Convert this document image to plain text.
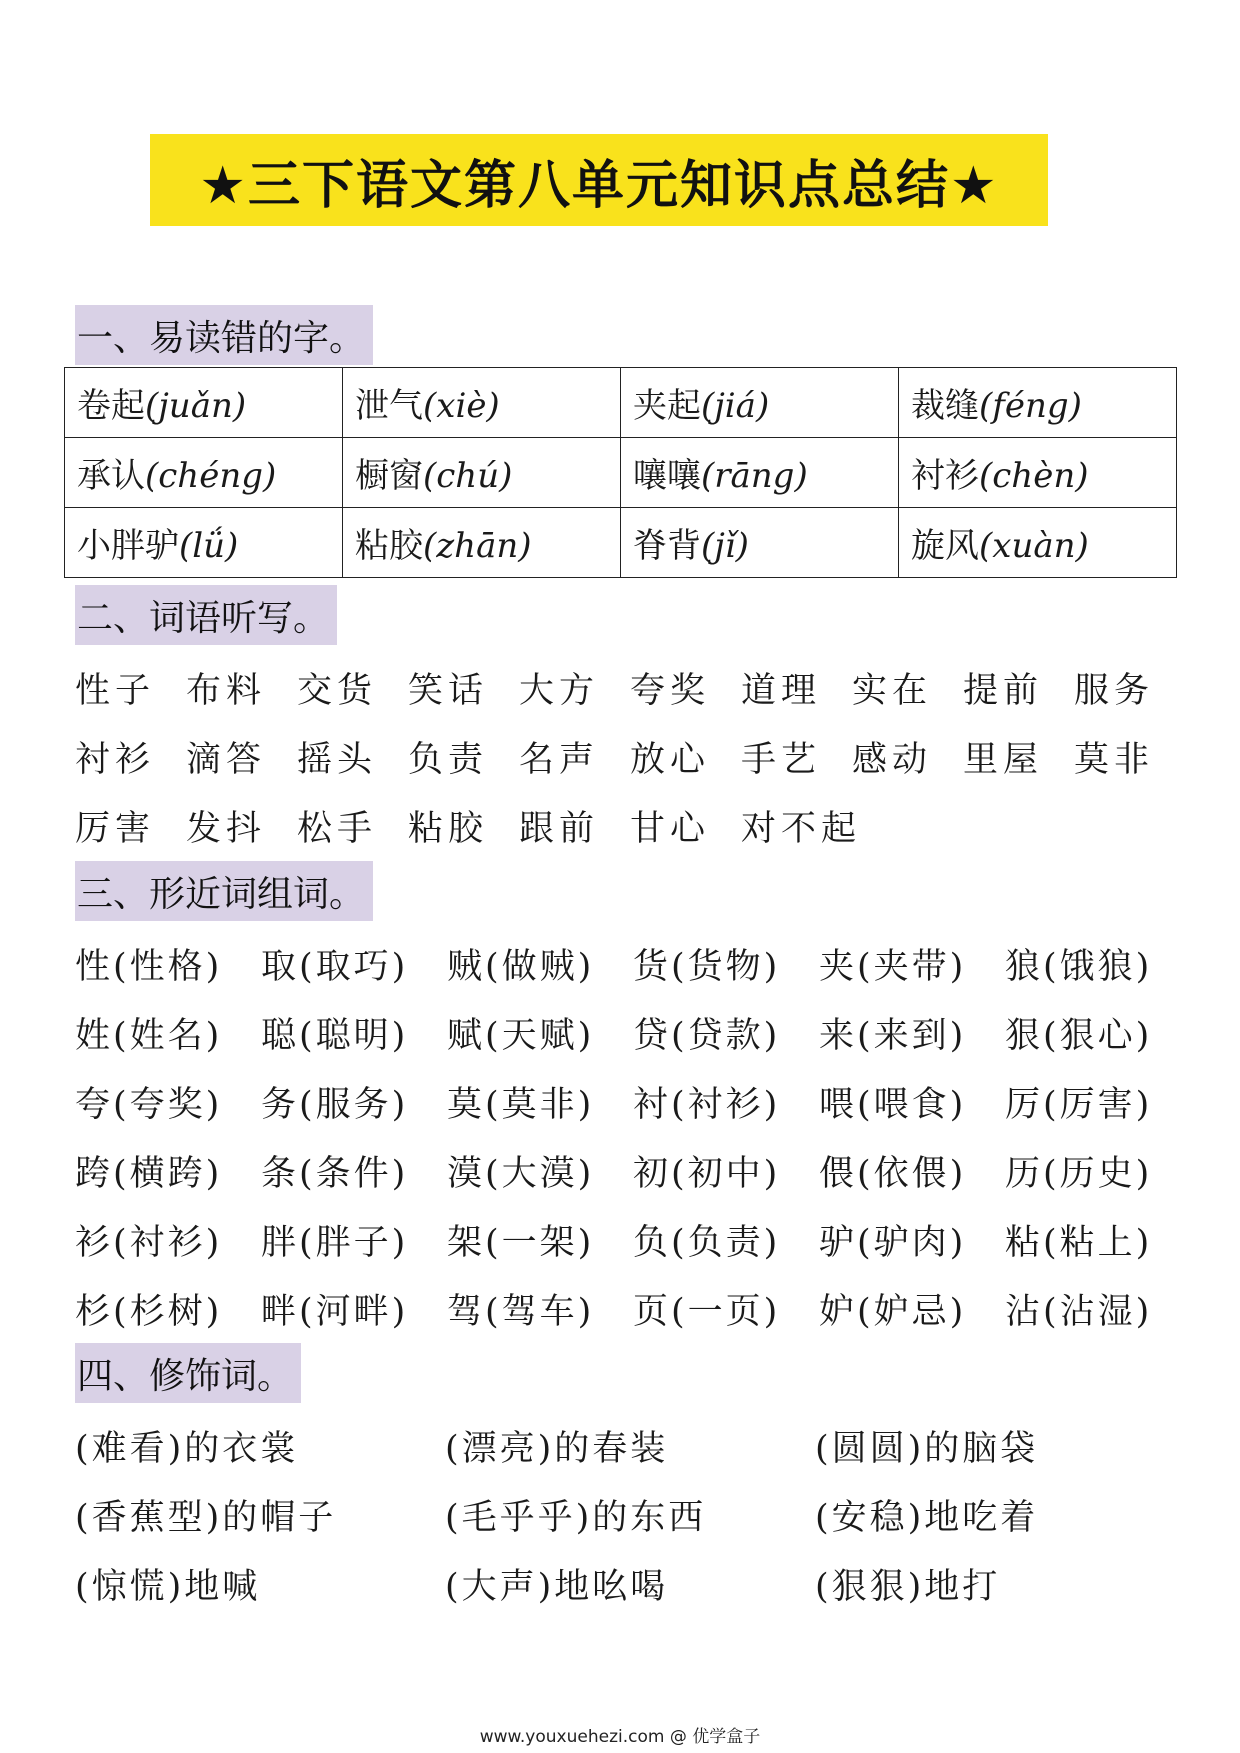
★三下语文第八单元知识点总结★
一、易读错的字。
卷起(juǎn)	泄气(xiè)	夹起(jiá)	裁缝(féng)
承认(chéng)	橱窗(chú)	嚷嚷(rāng)	衬衫(chèn)
小胖驴(lǘ)	粘胶(zhān)	脊背(jǐ)	旋风(xuàn)
二、词语听写。
性子 布料 交货 笑话 大方 夸奖 道理 实在 提前 服务
衬衫 滴答 摇头 负责 名声 放心 手艺 感动 里屋 莫非
厉害 发抖 松手 粘胶 跟前 甘心 对不起
三、形近词组词。
性(性格)	取(取巧)	贼(做贼)	货(货物)	夹(夹带)	狼(饿狼)
姓(姓名)	聪(聪明)	赋(天赋)	贷(贷款)	来(来到)	狠(狠心)
夸(夸奖)	务(服务)	莫(莫非)	衬(衬衫)	喂(喂食)	厉(厉害)
跨(横跨)	条(条件)	漠(大漠)	初(初中)	偎(依偎)	历(历史)
衫(衬衫)	胖(胖子)	架(一架)	负(负责)	驴(驴肉)	粘(粘上)
杉(杉树)	畔(河畔)	驾(驾车)	页(一页)	妒(妒忌)	沾(沾湿)
四、修饰词。
(难看)的衣裳	(漂亮)的春装	(圆圆)的脑袋
(香蕉型)的帽子	(毛乎乎)的东西	(安稳)地吃着
(惊慌)地喊	(大声)地吆喝	(狠狠)地打
www.youxuehezi.com @ 优学盒子
